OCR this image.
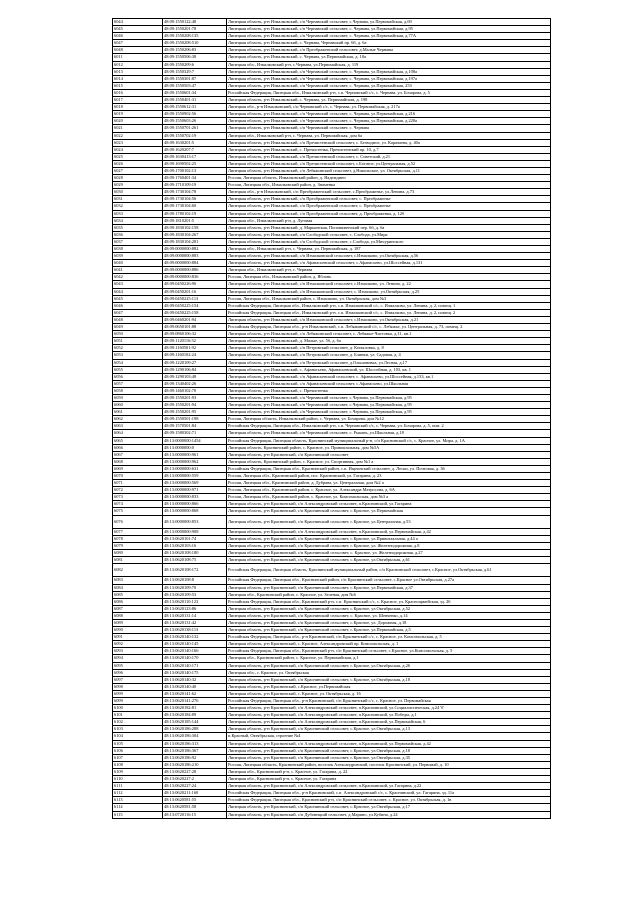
6044	48:09:1550122:48	Липецкая область, р-н Измалковский, с/п Чернавский сельсовет, с.Чернава, ул.Первомайская, д.69
6045	48:09:1550201:78	Липецкая область, р-н Измалковский, с/п Чернавский сельсовет, с. Чернава, ул.Первомайская, д.95
6046	48:09:1550208:135	Липецкая область, р-н Измалковский, с/п Чернавский сельсовет, с. Чернава, ул.Первомайская, д.77А
6047	48:09:1550208:510	Липецкая область, р-н Измалковский, с. Чернава, Чернавский пр. 6б, д. 6а
6048	48:09:1550206:83	Липецкая область, р-н Измалковский, с/п Преображенский сельсовет, д.Малые Чернавы
6011	48:09:1550506:38	Липецкая область, р-н Измалковский, с. Чернава, ул.Первомайская, д. 10а
6012	48:09:1550209:6	Липецкая обл., Измалковский р-н, с.Чернава, ул.Первомайская, д. 119
6013	48:09:1550329:7	Липецкая область, р-н Измалковский, с/п Чернавский сельсовет, с. Чернава, ул.Первомайская, д.108а
6014	48:09:1550301:87	Липецкая область, р-н Измалковский, с/п Чернавский сельсовет, с. Чернава, ул.Первомайская, д.197а
6015	48:09:1550503:47	Липецкая область, р-н Измалковский, с/п Чернавский сельсовет, с. Чернава, ул.Первомайская, 253
6016	48:09:1550601:34	Российская Федерация, Липецкая обл., Измалковский р-н, с.п. Чернавский с/с, с. Чернава, ул. Бочарова, д. 5
6017	48:09:1550401:31	Липецкая область, р-н Измалковский, с. Чернава, ул. Первомайская, д. 198
6018	48:09:1550612:31	Липецкая обл., р-н Измалковский, с/п Чернавский с/с, с. Чернава, ул. Первомайская, д. 217а
6019	48:09:1550902:56	Липецкая область, р-н Измалковский, с/п Чернавский сельсовет, с. Чернава, ул.Первомайская, д.216
6020	48:09:1550603:26	Липецкая область, р-н Измалковский, с/п Чернавский сельсовет, с. Чернава, ул.Первомайская, д.220а
6021	48:09:1550701:261	Липецкая область, р-н Измалковский, с/п Чернавский сельсовет, с. Чернава
6022	48:09:1550702:19	Липецкая обл., Измалковский р-н, с. Чернава, ул. Первомайская, дом 6а
6023	48:09:1630201:5	Липецкая область, р-н Измалковский, с/п Пречистенский сельсовет, с. Безводное, ул. Карачаева, д. 40а
6024	48:09:1620207:7	Липецкая область, р-н Измалковский, с. Пречистенка, Пречистенский пр. 10, д.7
6025	48:09:1630413:17	Липецкая область, р-н Измалковский, с/п Пречистенский сельсовет, с. Советский, д.21
6026	48:09:1690502:25	Липецкая область, р-н Измалковский, с/п Пречистенский сельсовет, с.Богатое, ул.Центральная, д.52
6027	48:09:1700102:13	Липецкая область, р-н Измалковский, с/п Лебяжинский сельсовет, д.Никольское, ул. Октябрьская, д.11
6028	48:09:1760401:34	Россия, Липецкая область, Измалковский район, д. Надеждино
6029	48:09:1710109:19	Россия, Липецкая обл., Измалковский район, д. Знаменка
6030	48:09:1730104:78	Липецкая обл., р-н Измалковский, с/п Преображенский сельсовет, с.Преображенье, ул.Ленина, д.73
6031	48:09:1730104:56	Липецкая область, р-н Измалковский, с/п Преображенский сельсовет, с. Преображенье
6032	48:09:1730104:60	Липецкая область, р-н Измалковский, с/п Преображенский сельсовет, с. Преображенье
6033	48:09:1780102:19	Липецкая область, р-н Измалковский, с/п Преображенский сельсовет, д. Преображенка, д. 12б
6034	48:09:1810201:5	Липецкая обл., Измалковский р-н, д. Луговая
6035	48:09:1830102:158	Липецкая область, р-н Измалковский, д. Марьинская, Поповиженский пер. 6б, д. 6а
6036	48:09:1830104:267	Липецкая область, р-н Измалковский, с/п Слободской сельсовет, с. Слобода, ул.Мира
6037	48:09:1830104:281	Липецкая область, р-н Измалковский, с/п Слободской сельсовет, с.Слобода, ул.Мичуринского
6038	48:09:0000000:882	Липецкая обл., Измалковский р-н, с. Чернава, ул. Первомайская, д. 187
6039	48:09:0000000:883	Липецкая область, р-н Измалковский, с/п Измалковский сельсовет, с.Измалково, ул.Октябрьская, д.56
6040	48:09:0000000:884	Липецкая область, р-н Измалковский, с/п Афанасьевский сельсовет, с.Афанасьево, ул.Шоссейная, д.131
6041	48:09:0000000:886	Липецкая обл., Измалковский р-н, с. Чернава
6042	48:09:0000000:836	Россия, Липецкая обл., Измалковский район, д. Яблонь
6043	48:09:0450226:96	Липецкая область, р-н Измалковский, с/п Измалковский сельсовет, с.Измалково, ул. Ленина, д. 22
6044	48:09:0450201:16	Липецкая область, р-н Измалковский, с/п Измалковский сельсовет, с. Измалково, ул.Октябрьская, д.25
6045	48:09:0450225:113	Россия, Липецкая обл., Измалковский район, с. Измалково, ул. Октябрьская, дом №3
6046	48:09:0450225:154	Российская Федерация, Липецкая обл., Измалковский р-н, с.п. Измалковский с/с, с. Измалково, ул. Ленина, д. 2, помещ. 1
6047	48:09:0450225:158	Российская Федерация, Липецкая обл., Измалковский р-н, с.п. Измалковский с/с, с. Измалково, ул. Ленина, д. 2, помещ. 2
6048	48:09:0460201:94	Липецкая область, р-н Измалковский, с/п Измалковский сельсовет, с.Измалково, ул.Октябрьская, д.21
6049	48:09:0650101:88	Российская Федерация, Липецкая обл., р-н Измалковский, с.п. Лебяжинский с/с, с. Лебяжье, ул. Центральная, д. 73, помещ. 2
6050	48:09:0860106:32	Липецкая область, р-н Измалковский, с/п Лебяжинский сельсовет, с. Лебяжье-Чистовка, д.11, кв.1
6051	48:09:1120116:52	Липецкая область, р-н Измалковский, д. Малые, ул. 5б, д. 6а
6052	48:09:1160501:92	Липецкая область, р-н Измалковский, с/п Петровский сельсовет, д. Копыловка, д. 8
6053	48:09:1160102:24	Липецкая область, р-н Измалковский, с/п Петровский сельсовет, д. Блинки, ул. Садовая, д. 4
6054	48:09:1220109:27	Липецкая область, р-н Измалковский, с/п Петровский сельсовет, д.Ольшановка, ул.Лесная, д.17
6055	48:09:1290106:84	Липецкая область, р-н Измалковский, с. Афанасьево, Афанасьевский, ул. Шоссейная, д. 103, кв. 1
6056	48:09:1290103:48	Липецкая область, р-н Измалковский, с/п Афанасьевский сельсовет, с. Афанасьево, ул.Шоссейная, д.133, кв.1
6057	48:09:1340402:26	Липецкая область, р-н Измалковский, с/п Афанасьевский сельсовет, с.Афанасьево, ул.Школьная
6058	48:09:1460102:70	Липецкая область, р-н Измалковский, с. Пречистенка
6059	48:09:1550201:93	Липецкая область, р-н Измалковский, с/п Чернавский сельсовет, с.Чернава, ул.Первомайская, д.95
6060	48:09:1550201:94	Липецкая область, р-н Измалковский, с/п Чернавский сельсовет, с.Чернава, ул.Первомайская, д.95
6061	48:09:1550201:95	Липецкая область, р-н Измалковский, с/п Чернавский сельсовет, с.Чернава, ул.Первомайская, д.95
6062	48:09:1550501:198	Россия, Липецкая область, Измалковский район, с. Чернава, ул. Бочарова, дом №12
6063	48:09:1570501:84	Российская Федерация, Липецкая обл., Измалковский р-н, с.п. Чернавский с/с, с. Чернава, ул. Бочарова, д. 5, пом. 2
6064	48:09:1580302:71	Липецкая область, р-н Измалковский, с/п Чернавский сельсовет, с. Рыкань, ул.Школьная, д.18
6065	48:13:0000000:1454	Российская Федерация, Липецкая область, Краснинский муниципальный р-н, с/п Краснинский с/с, с. Красное, ул. Мира, д. 1А
6066	48:13:0000000:0	Липецкая область, Краснинский район, с. Красное, ул. Привокзальная, дом №5А
6067	48:13:0000000:961	Липецкая область, р-н Краснинский, с/п Краснинский сельсовет
6068	48:13:0000000:962	Липецкая область, Краснинский район, с. Красное, ул. Спортивная, дом №1 а
6069	48:13:0000000:631	Российская Федерация, Липецкая обл., Краснинский район, с.п. Ищеинский сельсовет, д. Лески, ул. Почтовая, д. 36
6070	48:13:0000000:559	Россия, Липецкая обл., Краснинский район, пос. Краснинский, ул. Гагарина, д. 23
6071	48:13:0000000:569	Россия, Липецкая обл., Краснинский район, д. Дубрава, ул. Центральная, дом №2 а
6072	48:13:0000000:971	Россия, Липецкая обл., Краснинский район, с. Красное, ул. Александра Матросова, д. 6А
6073	48:13:0000000:833	Россия, Липецкая обл., Краснинский район, с. Красное, ул. Комсомольская, дом №3 а
6074	48:13:0000000:866	Липецкая область, р-н Краснинский, с/п Александровский сельсовет, п.Краснинский, ул.Гагарина
6075	48:13:0000000:868	Липецкая область, р-н Краснинский, с/п Краснинский сельсовет, с.Красное, ул.Первомайская
6076	48:13:0000000:853	Липецкая область, р-н Краснинский, с/п Краснинский сельсовет, с.Красное, ул.Центральная, д.53
6077	48:13:0000000:908	Липецкая область, р-н Краснинский, с/п Александровский сельсовет, п.Краснинский, ул.Первомайская, д.42
6078	48:13:0620101:74	Липецкая область, р-н Краснинский, с/п Краснинский сельсовет, с.Красное, ул.Привокзальная, д.44 а
6079	48:13:0620103:16	Липецкая область, р-н Краснинский, с/п Краснинский сельсовет, с.Красное, ул. Железнодорожная, д.8
6080	48:13:0620108:180	Липецкая область, р-н Краснинский, с/п Краснинский сельсовет, с. Красное, ул. Железнодорожная, д.27
6081	48:13:0620108:75	Липецкая область, р-н Краснинский, с/п Краснинский сельсовет, с.Красное, ул.Октябрьская, д.61
6082	48:13:0620108:172	Российская Федерация, Липецкая область, Краснинский муниципальный район, с/п Краснинский сельсовет, с.Красное, ул.Октябрьская, д.61
6083	48:13:0620108:8	Российская Федерация, Липецкая обл., Краснинский район, с/п Краснинский сельсовет, с.Красное ул.Октябрьская, д.27а
6084	48:13:0620109:70	Липецкая область, р-н Краснинский, с/п Краснинский сельсовет, с.Красное, ул.Первомайская, д.37
6085	48:13:0620109:53	Липецкая обл., Краснинский район, с. Красное, ул. Зеленая, дом №6
6086	48:13:0620110:123	Российская Федерация, Липецкая обл., Краснинский р-н, с.п. Краснинский с/с, с. Красное, ул. Красноармейская, зд. 26
6087	48:13:0620123:86	Липецкая область, р-н Краснинский, с/п Краснинский сельсовет, с.Красное, ул.Октябрьская, д.52
6088	48:13:0620131:14	Липецкая область, р-н Краснинский, с/п Краснинский сельсовет, с. Красное, ул. Шевченко, д.14
6089	48:13:0620131:42	Липецкая область, р-н Краснинский, с/п Краснинский сельсовет, с.Красное, ул. Дорожная, д.18
6090	48:13:0620138:113	Липецкая область, р-н Краснинский, с/п Краснинский сельсовет, с.Красное, ул.Первомайская, д.5
6091	48:13:0620140:132	Российская Федерация, Липецкая обл., р-н Краснинский, с/п Краснинский с/с, с. Красное, ул. Комсомольская, д. 5
6092	48:13:0620140:145	Липецкая область, р-н Краснинский, с. Красное, Александровский пр. Комсомольская, д. 1
6093	48:13:0620140:166	Российская Федерация, Липецкая обл., Краснинский р-н, с/п Краснинский сельсовет, с.Красное, ул.Комсомольская, д. 5
6094	48:13:0620140:170	Липецкая обл., Краснинский район, с. Красное, ул. Первомайская, д.1
6095	48:13:0620140:171	Липецкая область, р-н Краснинский, с/п Краснинский сельсовет, с.Красное, ул.Октябрьская, д.26
6096	48:13:0620140:175	Липецкая обл., с. Красное, ул. Октябрьская
6097	48:13:0620140:32	Липецкая область, р-н Краснинский, с/п Краснинский сельсовет, с.Красное, ул.Октябрьская, д.18
6098	48:13:0620140:40	Липецкая область, р-н Краснинский, с.Красное, ул.Первомайская
6099	48:13:0620141:62	Липецкая область, р-н Краснинский, с. Красное, ул. Октябрьская, д. 16
6099	48:13:0620141:276	Российская Федерация, Липецкая обл., р-н Краснинский, с/п Краснинский с/с, с. Красное, ул. Первомайская
6100	48:13:0620182:81	Липецкая область, р-н Краснинский, с/п Александровский сельсовет, п.Краснинский, ул.Социалистическая, д.24 'б'
6101	48:13:0620184:89	Липецкая область, р-н Краснинский, с/п Александровский сельсовет, п.Краснинский, ул.Победы, д.1
6102	48:13:0620185:144	Липецкая область, р-н Краснинский, с/п Александровский сельсовет, п.Краснинский, ул.Первомайская, 6
6103	48:13:0620186:288	Липецкая область, р-н Краснинский, с/п Краснинский сельсовет, с.Красное, ул.Октябрьская, д.13
6104	48:13:0620186:304	п.Красный, Октябрьская, строение №4
6105	48:13:0620186:313	Липецкая область, р-н Краснинский, с/п Александровский сельсовет, п.Краснинский, ул.Первомайская, д.42
6106	48:13:0620186:367	Липецкая область, р-н Краснинский, с/п Краснинский сельсовет, с.Красное, ул.Октябрьская, д.18
6107	48:13:0620186:92	Липецкая область, р-н Краснинский, с/п Краснинский сельсовет, с.Красное, ул.Октябрьская, д.35
6108	48:13:0620186:210	Россия, Липецкая область, Краснинский район, поселок Александровский, поселок Краснинский, ул. Первомай, д. 10
6109	48:13:0620227:28	Липецкая обл., Краснинский р-н, с. Красное, ул. Гагарина, д. 22
6110	48:13:0620227:2	Липецкая обл., Краснинский р-н, с. Красное, ул. Гагарина
6111	48:13:0620227:24	Липецкая область, р-н Краснинский, с/п Александровский сельсовет, п.Краснинский, ул.Гагарина, д.22
6112	48:13:0620211:160	Российская Федерация, Липецкая обл., р-н Краснинский, с.п. Александровский с/с, с. Краснинский, ул. Гагарина, зд. 11а
6113	48:13:0620581:55	Российская Федерация, Липецкая обл., Краснинский р-н, с/п Краснинский сельсовет, с. Красное, ул. Октябрьская, д. 1в
6114	48:13:0620581:58	Липецкая область, р-н Краснинский, с/п Краснинский сельсовет, с.Красное, ул.Октябрьская, д.17
6115	48:13:0720116:15	Липецкая область, р-н Краснинский, с/п Дубовецкий сельсовет, д.Марино, ул.Кубина, д.24
